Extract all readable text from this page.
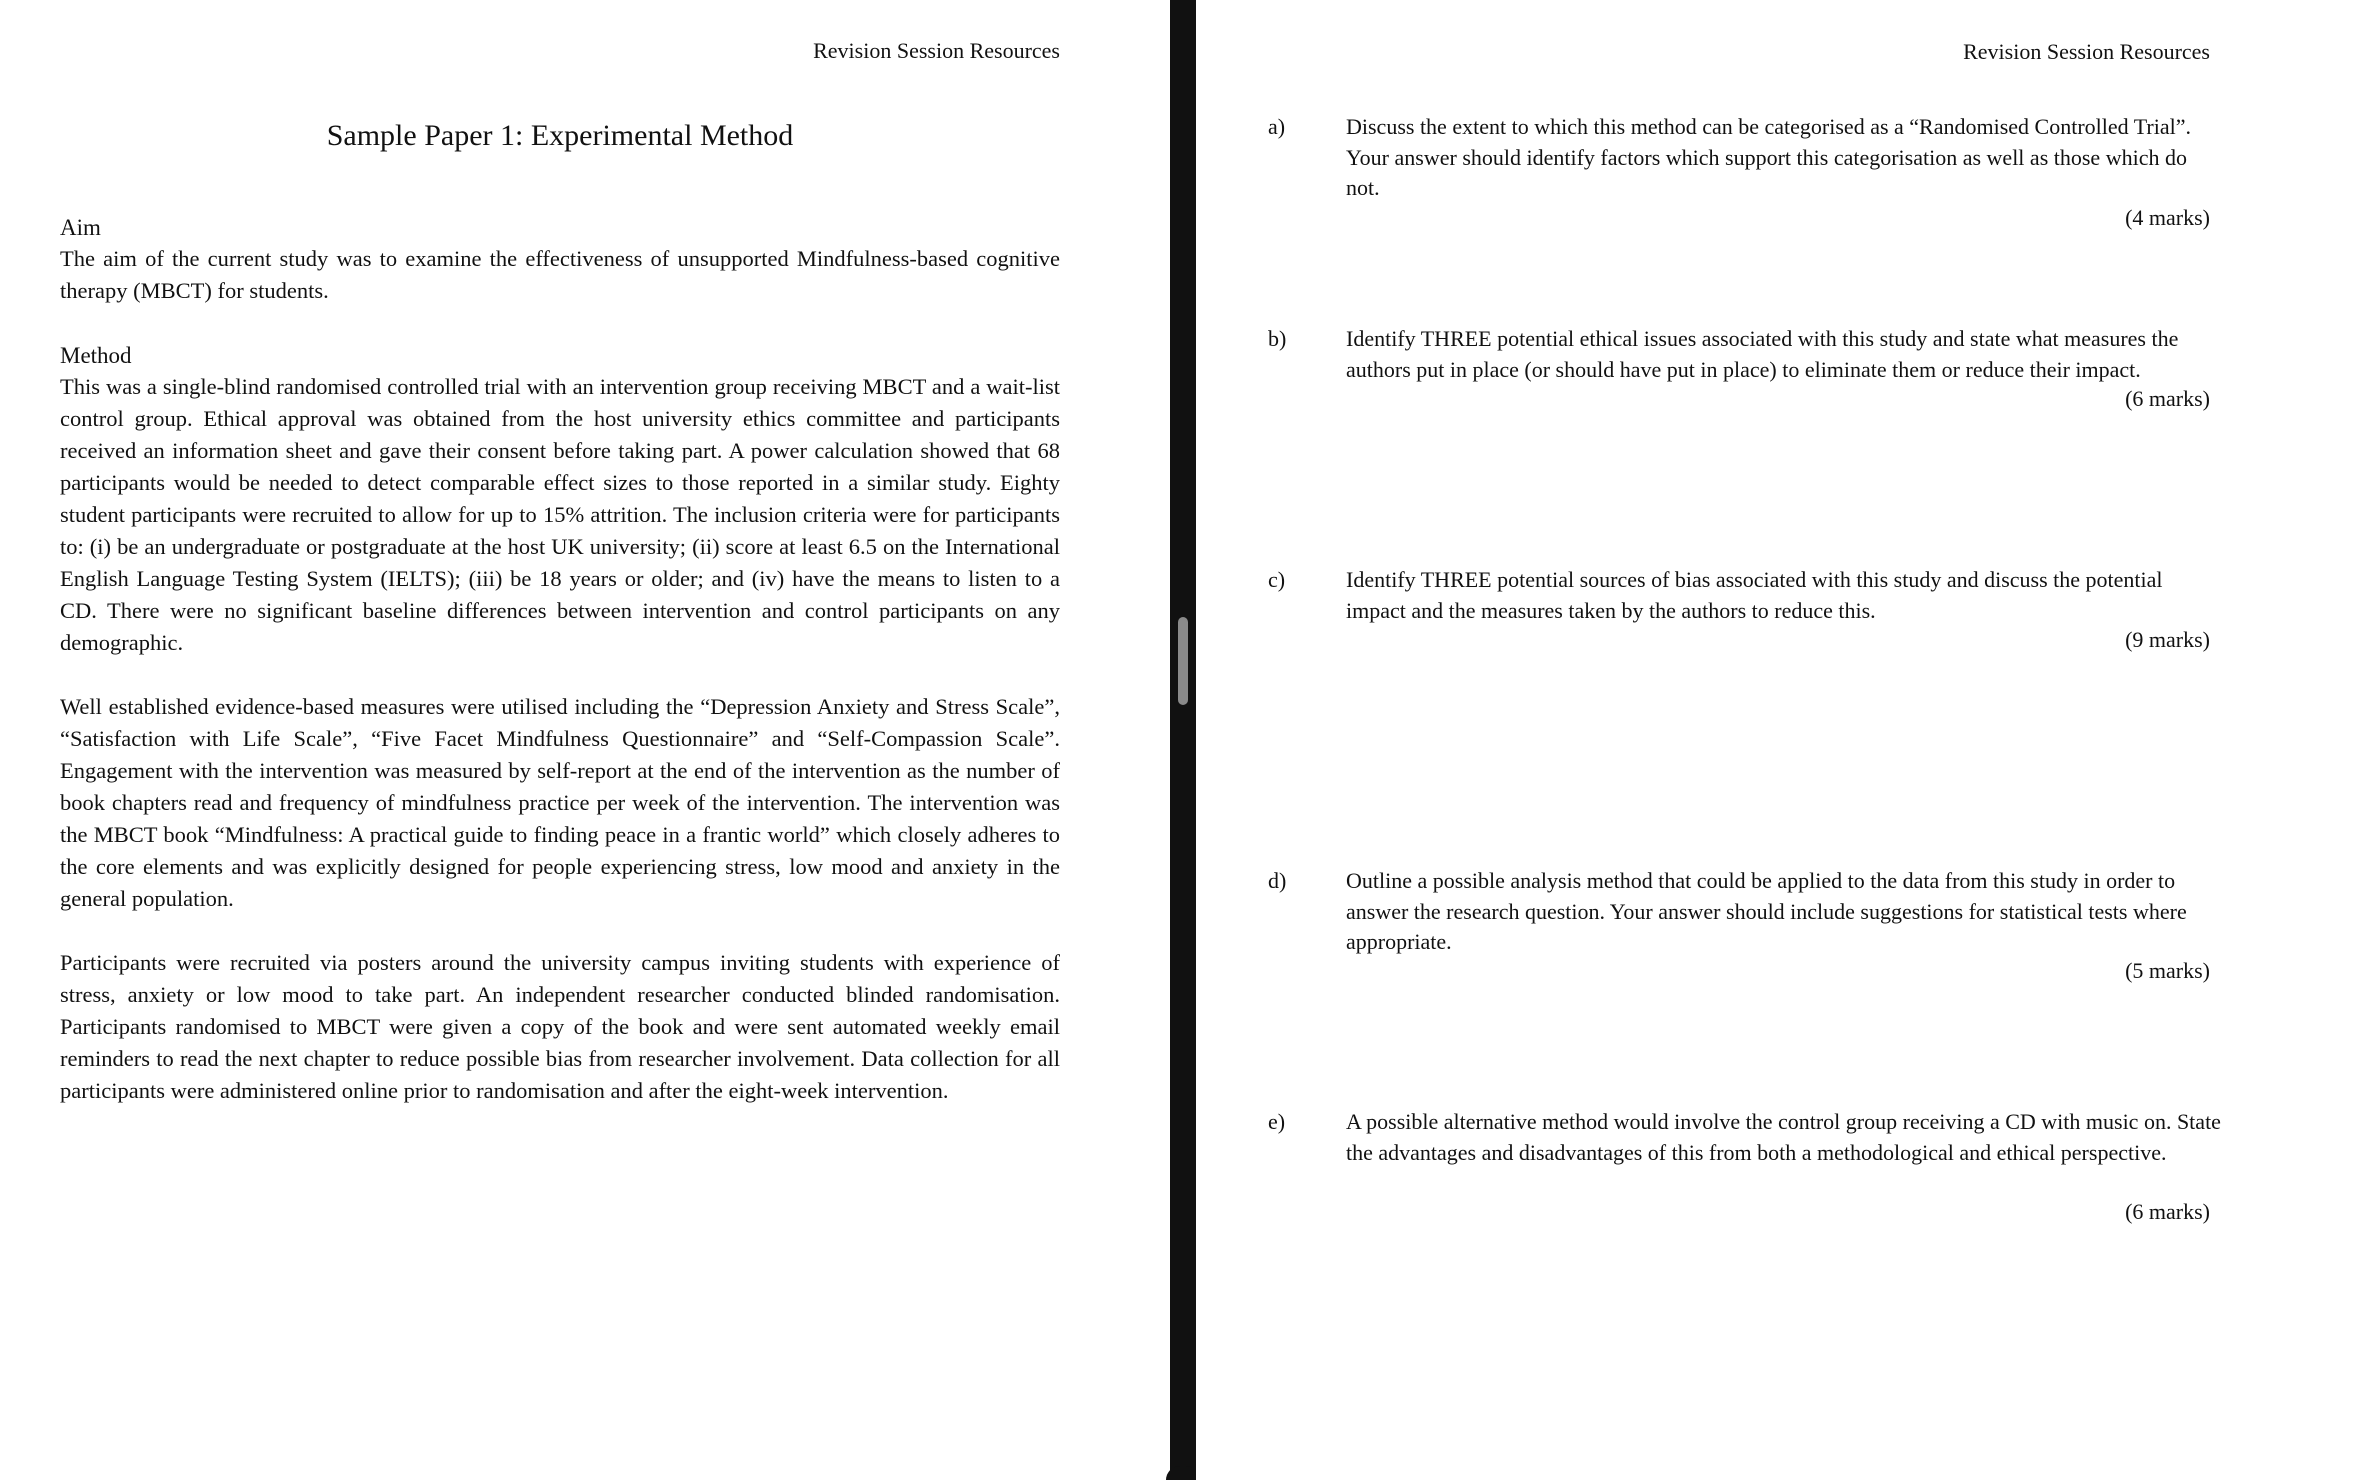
Revision Session Resources
Sample Paper 1: Experimental Method
Aim

The aim of the current study was to examine the effectiveness of unsupported Mindfulness-based cognitive therapy (MBCT) for students.

Method

This was a single-blind randomised controlled trial with an intervention group receiving MBCT and a wait-list control group. Ethical approval was obtained from the host university ethics committee and participants received an information sheet and gave their consent before taking part. A power calculation showed that 68 participants would be needed to detect comparable effect sizes to those reported in a similar study. Eighty student participants were recruited to allow for up to 15% attrition. The inclusion criteria were for participants to: (i) be an undergraduate or postgraduate at the host UK university; (ii) score at least 6.5 on the International English Language Testing System (IELTS); (iii) be 18 years or older; and (iv) have the means to listen to a CD. There were no significant baseline differences between intervention and control participants on any demographic.

Well established evidence-based measures were utilised including the “Depression Anxiety and Stress Scale”, “Satisfaction with Life Scale”, “Five Facet Mindfulness Questionnaire” and “Self-Compassion Scale”. Engagement with the intervention was measured by self-report at the end of the intervention as the number of book chapters read and frequency of mindfulness practice per week of the intervention. The intervention was the MBCT book “Mindfulness: A practical guide to finding peace in a frantic world” which closely adheres to the core elements and was explicitly designed for people experiencing stress, low mood and anxiety in the general population.

Participants were recruited via posters around the university campus inviting students with experience of stress, anxiety or low mood to take part. An independent researcher conducted blinded randomisation. Participants randomised to MBCT were given a copy of the book and were sent automated weekly email reminders to read the next chapter to reduce possible bias from researcher involvement. Data collection for all participants were administered online prior to randomisation and after the eight-week intervention.

Revision Session Resources
a)	Discuss the extent to which this method can be categorised as a “Randomised Controlled Trial”. Your answer should identify factors which support this categorisation as well as those which do not.

(4 marks)
b)	Identify THREE potential ethical issues associated with this study and state what measures the authors put in place (or should have put in place) to eliminate them or reduce their impact.

(6 marks)
c)	Identify THREE potential sources of bias associated with this study and discuss the potential impact and the measures taken by the authors to reduce this.

(9 marks)
d)	Outline a possible analysis method that could be applied to the data from this study in order to answer the research question. Your answer should include suggestions for statistical tests where appropriate.

(5 marks)
e)	A possible alternative method would involve the control group receiving a CD with music on. State the advantages and disadvantages of this from both a methodological and ethical perspective.

(6 marks)
